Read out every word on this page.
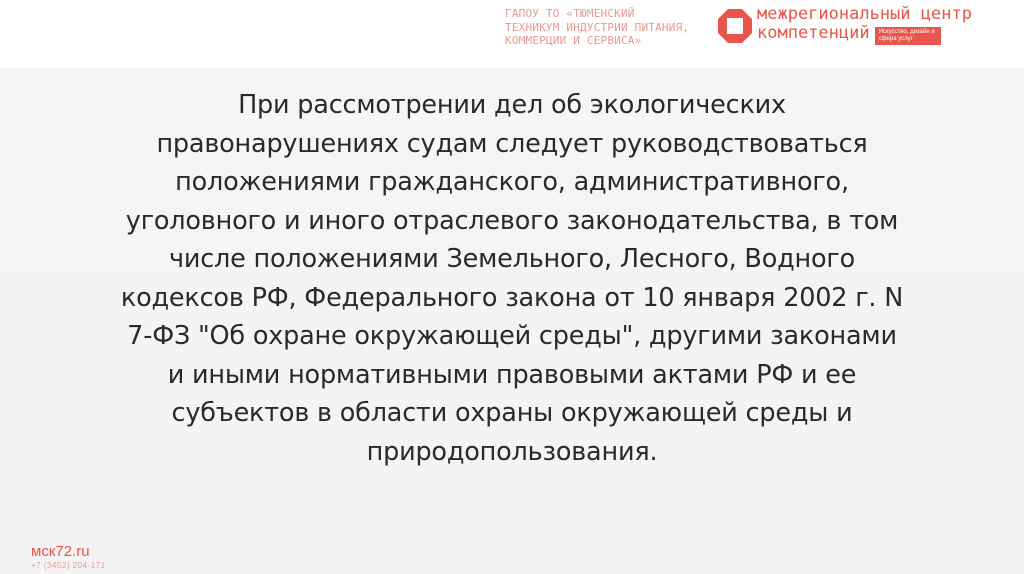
ГАПОУ ТО «ТЮМЕНСКИЙ
ТЕХНИКУМ ИНДУСТРИИ ПИТАНИЯ,
КОММЕРЦИИ И СЕРВИСА»
межрегиональный центр
компетенций Искусство, дизайн и сфера услуг
При рассмотрении дел об экологических правонарушениях судам следует руководствоваться положениями гражданского, административного, уголовного и иного отраслевого законодательства, в том числе положениями Земельного, Лесного, Водного кодексов РФ, Федерального закона от 10 января 2002 г. N 7-ФЗ "Об охране окружающей среды", другими законами и иными нормативными правовыми актами РФ и ее субъектов в области охраны окружающей среды и природопользования.
мск72.ru
+7 (3452) 204-171
